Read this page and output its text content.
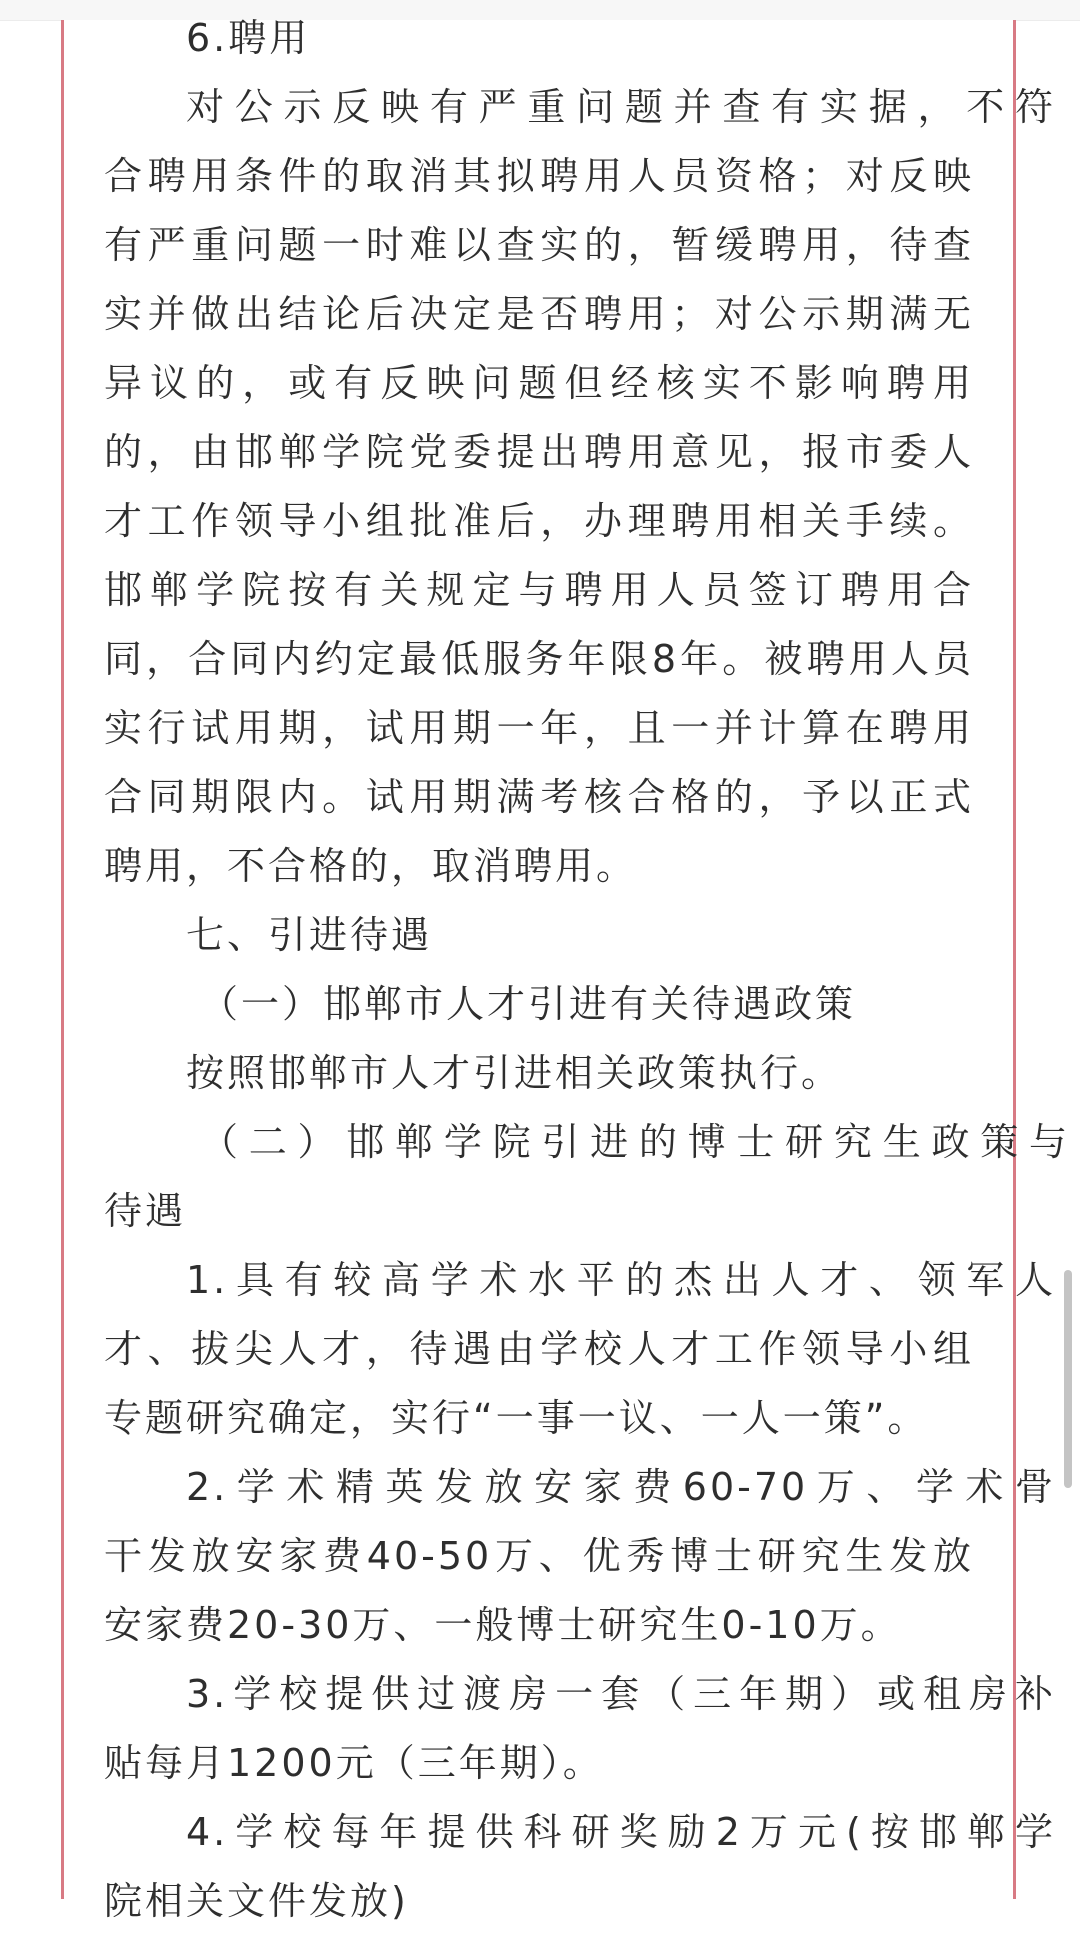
6.聘用
对公示反映有严重问题并查有实据，不符
合聘用条件的取消其拟聘用人员资格；对反映
有严重问题一时难以查实的，暂缓聘用，待查
实并做出结论后决定是否聘用；对公示期满无
异议的，或有反映问题但经核实不影响聘用
的，由邯郸学院党委提出聘用意见，报市委人
才工作领导小组批准后，办理聘用相关手续。
邯郸学院按有关规定与聘用人员签订聘用合
同，合同内约定最低服务年限8年。被聘用人员
实行试用期，试用期一年，且一并计算在聘用
合同期限内。试用期满考核合格的，予以正式
聘用，不合格的，取消聘用。
七、引进待遇
（一）邯郸市人才引进有关待遇政策
按照邯郸市人才引进相关政策执行。
（二）邯郸学院引进的博士研究生政策与
待遇
1.具有较高学术水平的杰出人才、领军人
才、拔尖人才，待遇由学校人才工作领导小组
专题研究确定，实行“一事一议、一人一策”。
2.学术精英发放安家费60-70万、学术骨
干发放安家费40-50万、优秀博士研究生发放
安家费20-30万、一般博士研究生0-10万。
3.学校提供过渡房一套（三年期）或租房补
贴每月1200元（三年期）。
4.学校每年提供科研奖励2万元(按邯郸学
院相关文件发放)
